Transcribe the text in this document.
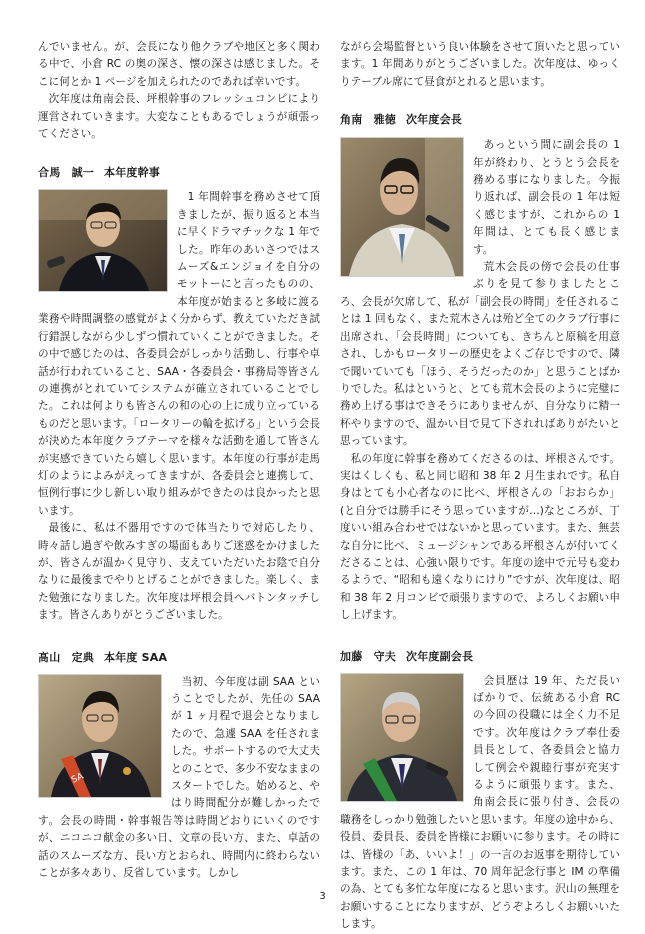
んでいません。が、会長になり他クラブや地区と多く関わる中で、小倉 RC の奥の深さ、懐の深さは感じました。そこに何とか 1 ページを加えられたのであれば幸いです。

次年度は角南会長、坪根幹事のフレッシュコンピにより運営されていきます。大変なこともあるでしょうが頑張ってください。

合馬　誠一 本年度幹事

1 年間幹事を務めさせて頂きましたが、振り返ると本当に早くドラマチックな 1 年でした。昨年のあいさつではスムーズ&エンジョイを自分のモットーにと言ったものの、本年度が始まると多岐に渡る業務や時間調整の感覚がよく分からず、教えていただき試行錯誤しながら少しずつ慣れていくことができました。その中で感じたのは、各委員会がしっかり活動し、行事や卓話が行われていること、SAA・各委員会・事務局等皆さんの連携がとれていてシステムが確立されていることでした。これは何よりも皆さんの和の心の上に成り立っているものだと思います。「ロータリーの輪を拡げる」という会長が決めた本年度クラブテーマを様々な活動を通して皆さんが実感できていたら嬉しく思います。本年度の行事が走馬灯のようによみがえってきますが、各委員会と連携して、恒例行事に少し新しい取り組みができたのは良かったと思います。

最後に、私は不器用ですので体当たりで対応したり、時々話し過ぎや飲みすぎの場面もありご迷惑をかけましたが、皆さんが温かく見守り、支えていただいたお陰で自分なりに最後までやりとげることができました。楽しく、また勉強になりました。次年度は坪根会員へバトンタッチします。皆さんありがとうございました。

髙山　定典 本年度 SAA
SA

当初、今年度は副 SAA ということでしたが、先任の SAA が 1 ヶ月程で退会となりましたので、急遽 SAA を任されました。サポートするので大丈夫とのことで、多少不安なままのスタートでした。始めると、やはり時間配分が難しかったです。会長の時間・幹事報告等は時間どおりにいくのですが、ニコニコ献金の多い日、文章の長い方、また、卓話の話のスムーズな方、長い方とおられ、時間内に終わらないことが多々あり、反省しています。しかし

ながら会場監督という良い体験をさせて頂いたと思っています。1 年間ありがとうございました。次年度は、ゆっくりテーブル席にて昼食がとれると思います。

角南　雅徳 次年度会長

あっという間に副会長の 1 年が終わり、とうとう会長を務める事になりました。今振り返れば、副会長の 1 年は短く感じますが、これからの 1 年間は、とても長く感じます。

荒木会長の傍で会長の仕事ぶりを見て参りましたところ、会長が欠席して、私が「副会長の時間」を任されることは 1 回もなく、また荒木さんは殆ど全てのクラブ行事に出席され、「会長時間」についても、きちんと原稿を用意され、しかもロータリーの歴史をよくご存じですので、隣で聞いていても「ほう、そうだったのか」と思うことばかりでした。私はというと、とても荒木会長のように完璧に務め上げる事はできそうにありませんが、自分なりに精一杯やりますので、温かい目で見て下されればありがたいと思っています。

私の年度に幹事を務めてくださるのは、坪根さんです。実はくしくも、私と同じ昭和 38 年 2 月生まれです。私自身はとても小心者なのに比べ、坪根さんの「おおらか」(と自分では勝手にそう思っていますが…)なところが、丁度いい組み合わせではないかと思っています。また、無芸な自分に比べ、ミュージシャンである坪根さんが付いてくださることは、心強い限りです。年度の途中で元号も変わるようで、“昭和も遠くなりにけり”ですが、次年度は、昭和 38 年 2 月コンビで頑張りますので、よろしくお願い申し上げます。

加藤　守夫 次年度副会長

会員歴は 19 年、ただ長いばかりで、伝統ある小倉 RC の今回の役職には全く力不足です。次年度はクラブ奉仕委員長として、各委員会と協力して例会や親睦行事が充実するように頑張ります。また、角南会長に張り付き、会長の職務をしっかり勉強したいと思います。年度の途中から、役員、委員長、委員を皆様にお願いに参ります。その時には、皆様の「あ、いいよ！」の一言のお返事を期待しています。また、この 1 年は、70 周年記念行事と IM の準備の為、とても多忙な年度になると思います。沢山の無理をお願いすることになりますが、どうぞよろしくお願いいたします。

3
